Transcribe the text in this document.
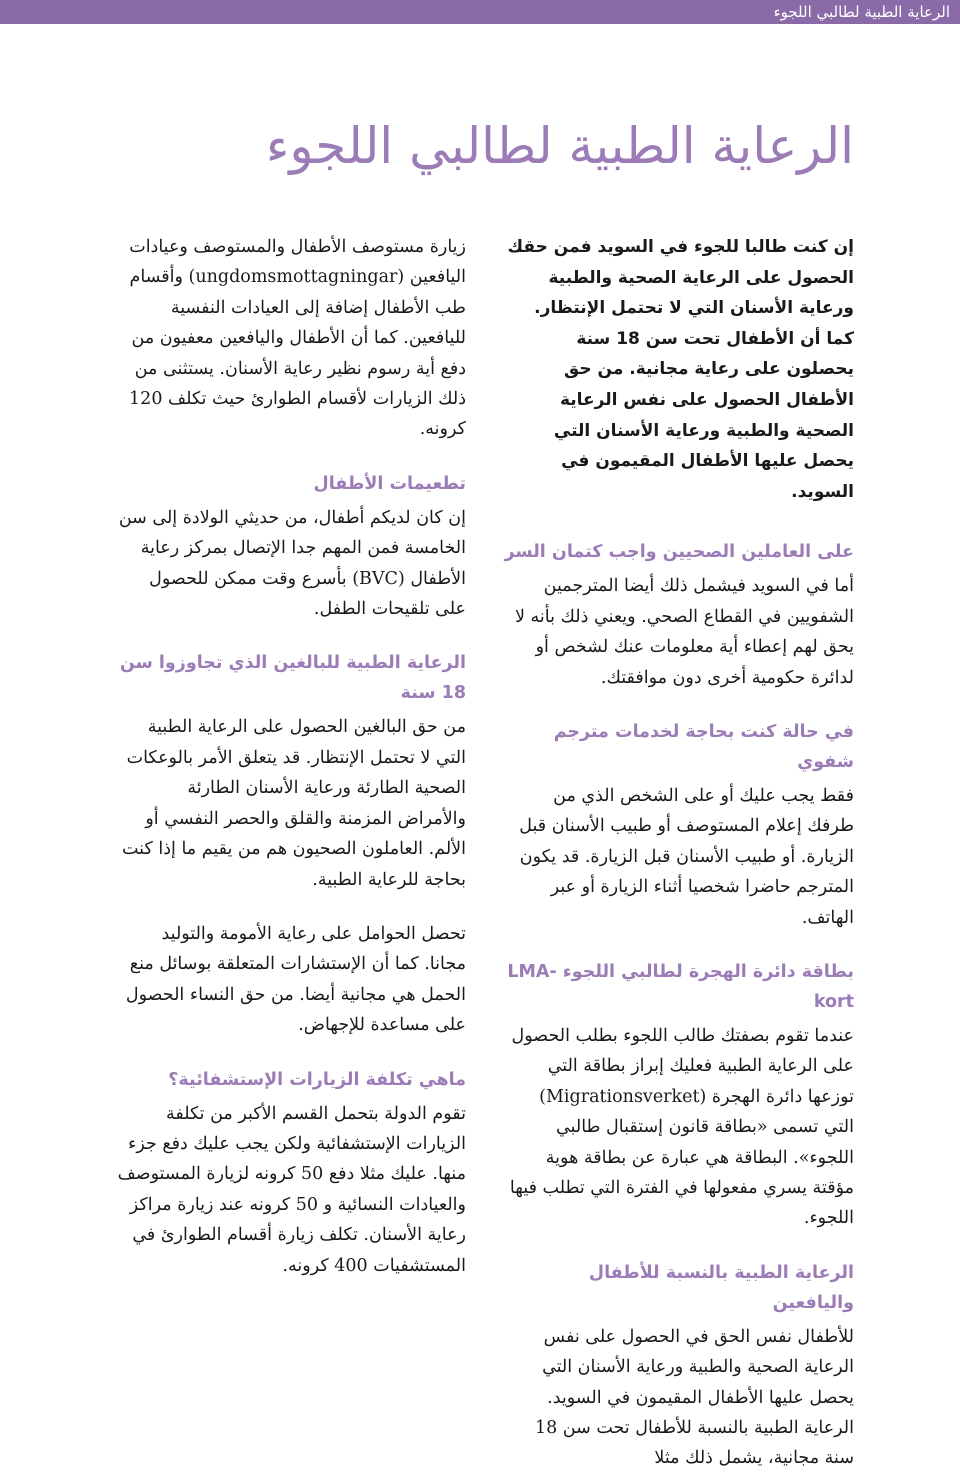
الرعاية الطبية لطالبي اللجوء
الرعاية الطبية لطالبي اللجوء

إن كنت طالبا للجوء في السويد فمن حقك الحصول على الرعاية الصحية والطبية ورعاية الأسنان التي لا تحتمل الإنتظار. كما أن الأطفال تحت سن 18 سنة يحصلون على رعاية مجانية. من حق الأطفال الحصول على نفس الرعاية الصحية والطبية ورعاية الأسنان التي يحصل عليها الأطفال المقيمون في السويد.

على العاملين الصحيين واجب كتمان السر

أما في السويد فيشمل ذلك أيضا المترجمين الشفويين في القطاع الصحي. ويعني ذلك بأنه لا يحق لهم إعطاء أية معلومات عنك لشخص أو لدائرة حكومية أخرى دون موافقتك.

في حالة كنت بحاجة لخدمات مترجم شفوي

فقط يجب عليك أو على الشخص الذي من طرفك إعلام المستوصف أو طبيب الأسنان قبل الزيارة. أو طبيب الأسنان قبل الزيارة. قد يكون المترجم حاضرا شخصيا أثناء الزيارة أو عبر الهاتف.

بطاقة دائرة الهجرة لطالبي اللجوء LMA-kort

عندما تقوم بصفتك طالب اللجوء بطلب الحصول على الرعاية الطبية فعليك إبراز بطاقة التي توزعها دائرة الهجرة (Migrationsverket) التي تسمى «بطاقة قانون إستقبال طالبي اللجوء». البطاقة هي عبارة عن بطاقة هوية مؤقتة يسري مفعولها في الفترة التي تطلب فيها اللجوء.

الرعاية الطبية بالنسبة للأطفال واليافعين

للأطفال نفس الحق في الحصول على نفس الرعاية الصحية والطبية ورعاية الأسنان التي يحصل عليها الأطفال المقيمون في السويد. الرعاية الطبية بالنسبة للأطفال تحت سن 18 سنة مجانية، يشمل ذلك مثلا

زيارة مستوصف الأطفال والمستوصف وعيادات اليافعين (ungdomsmottagningar) وأقسام طب الأطفال إضافة إلى العيادات النفسية لليافعين. كما أن الأطفال واليافعين معفيون من دفع أية رسوم نظير رعاية الأسنان. يستثنى من ذلك الزيارات لأقسام الطوارئ حيث تكلف 120 كرونه.

تطعيمات الأطفال

إن كان لديكم أطفال، من حديثي الولادة إلى سن الخامسة فمن المهم جدا الإتصال بمركز رعاية الأطفال (BVC) بأسرع وقت ممكن للحصول على تلقيحات الطفل.

الرعاية الطبية للبالغين الذي تجاوزوا سن 18 سنة

من حق البالغين الحصول على الرعاية الطبية التي لا تحتمل الإنتظار. قد يتعلق الأمر بالوعكات الصحية الطارئة ورعاية الأسنان الطارئة والأمراض المزمنة والقلق والحصر النفسي أو الألم. العاملون الصحيون هم من يقيم ما إذا كنت بحاجة للرعاية الطبية.

تحصل الحوامل على رعاية الأمومة والتوليد مجانا. كما أن الإستشارات المتعلقة بوسائل منع الحمل هي مجانية أيضا. من حق النساء الحصول على مساعدة للإجهاض.

ماهي تكلفة الزيارات الإستشفائية؟

تقوم الدولة بتحمل القسم الأكبر من تكلفة الزيارات الإستشفائية ولكن يجب عليك دفع جزء منها. عليك مثلا دفع 50 كرونه لزيارة المستوصف والعيادات النسائية و 50 كرونه عند زيارة مراكز رعاية الأسنان. تكلف زيارة أقسام الطوارئ في المستشفيات 400 كرونه.
